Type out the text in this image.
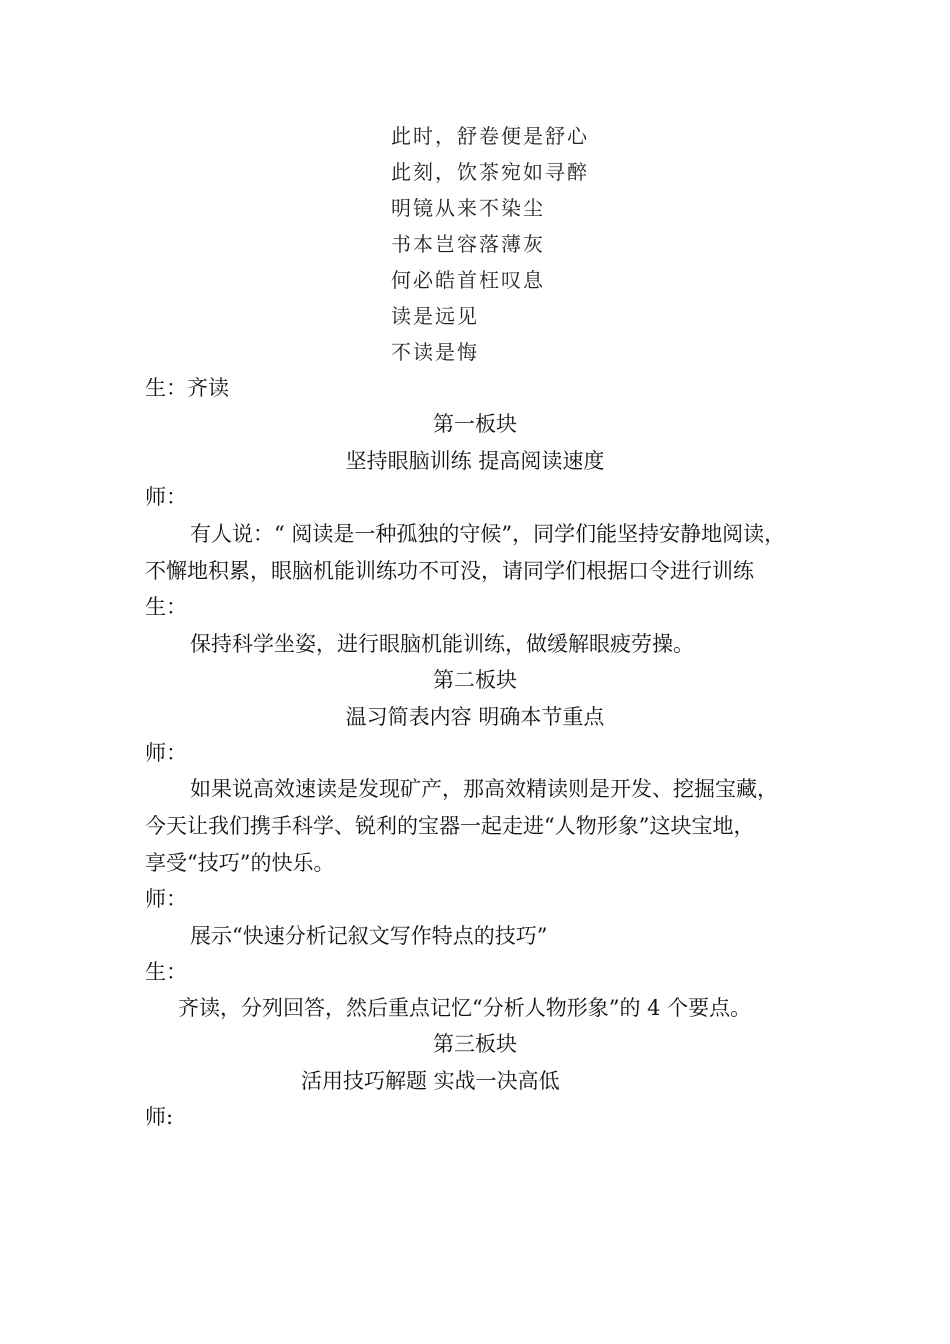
此时，舒卷便是舒心
此刻，饮茶宛如寻醉
明镜从来不染尘
书本岂容落薄灰
何必皓首枉叹息
读是远见
不读是悔
生：齐读
第一板块
坚持眼脑训练 提高阅读速度
师：
有人说：“ 阅读是一种孤独的守候”，同学们能坚持安静地阅读，
不懈地积累，眼脑机能训练功不可没，请同学们根据口令进行训练
生：
保持科学坐姿，进行眼脑机能训练，做缓解眼疲劳操。
第二板块
温习简表内容 明确本节重点
师：
如果说高效速读是发现矿产，那高效精读则是开发、挖掘宝藏，
今天让我们携手科学、锐利的宝器一起走进“人物形象”这块宝地，
享受“技巧”的快乐。
师：
展示“快速分析记叙文写作特点的技巧”
生：
齐读，分列回答，然后重点记忆“分析人物形象”的 4 个要点。
第三板块
活用技巧解题 实战一决高低
师:
